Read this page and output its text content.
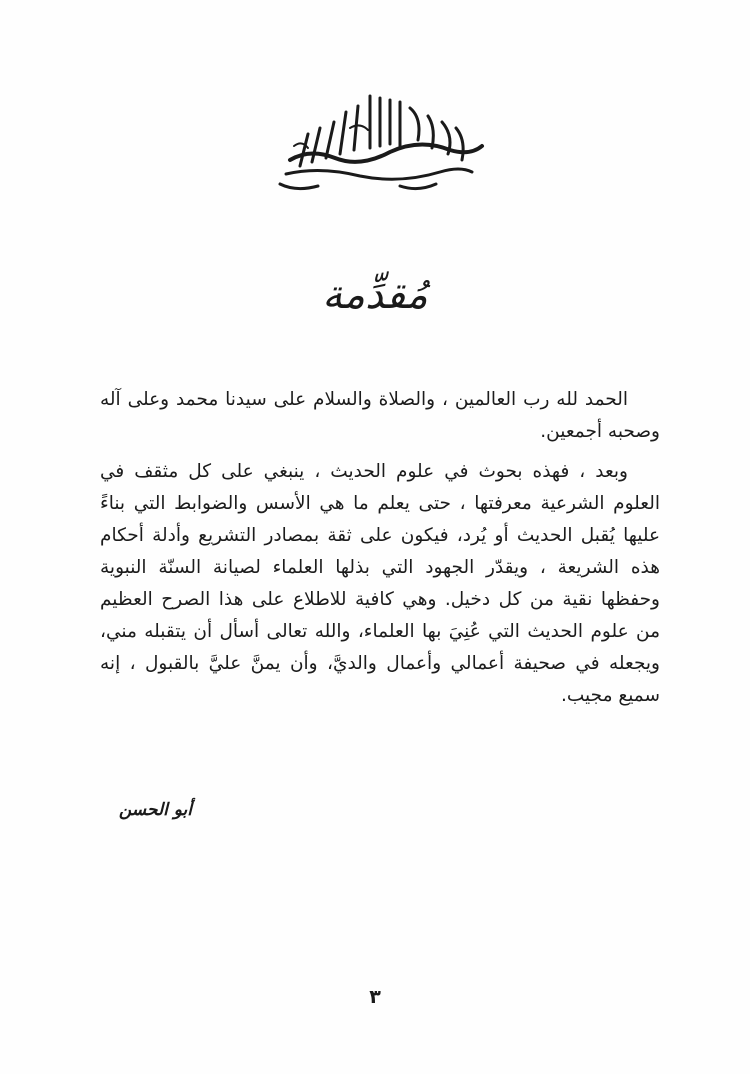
مُقدِّمة

الحمد لله رب العالمين ، والصلاة والسلام على سيدنا محمد وعلى آله وصحبه أجمعين.

وبعد ، فهذه بحوث في علوم الحديث ، ينبغي على كل مثقف في العلوم الشرعية معرفتها ، حتى يعلم ما هي الأسس والضوابط التي بناءً عليها يُقبل الحديث أو يُرد، فيكون على ثقة بمصادر التشريع وأدلة أحكام هذه الشريعة ، ويقدّر الجهود التي بذلها العلماء لصيانة السنّة النبوية وحفظها نقية من كل دخيل. وهي كافية للاطلاع على هذا الصرح العظيم من علوم الحديث التي عُنِيَ بها العلماء، والله تعالى أسأل أن يتقبله مني، ويجعله في صحيفة أعمالي وأعمال والديَّ، وأن يمنَّ عليَّ بالقبول ، إنه سميع مجيب.

أبو الحسن
٣
